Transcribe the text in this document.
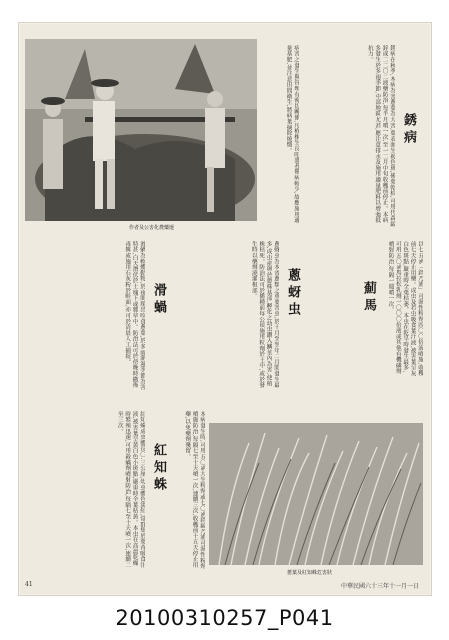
作者及公害化農藥運
銹病
銹病在秋季,木病為害蔥葉為大害,葉表面生褐色斑,後葉乾枯,可用代森錳鋅或二二〇二液藥防治,每半月噴一次,至一二月中旬收穫前停止。本病多發生於多雨季節,中部地區尤甚,應注意排水及施用適量肥料以增強抵抗力。
病害之發生與管理有密切關係,凡植株生長旺盛者罹病較少,故應施用適量基肥,並注意田間衛生,將病葉摘除燒燬。
以七五%「鋅乃浦」可濕性粉劑四〇〇倍液噴施,收穫前七天停止用藥。成虫及若虫吸食葉汁液,被害葉呈灰白色斑點,嚴重時全葉枯萎。本虫在乾旱時發生最多,可用五〇%馬拉松乳劑一〇〇〇倍液或其他有機磷劑噴射防治,每隔一週噴一次。
薊馬
蔥蚜虫
蔥蚜虫為本省蔥類之重要害虫,於十月至翌年二月間發生最多,成虫產卵於蔥株基部,孵化之幼虫鑽入鱗莖內為害,使植株枯死。防治法可於播種前每公頃施用粒劑於土中,或於發生時以藥劑澆灌根部。
滑蝸
滑蝸為軟體動物,於夜間爬出咬食蔥葉,於多雨潮濕季節為害特甚,白天潛伏於土塊下或雜草中。防治法可於傍晚時撒佈毒餌或施用石灰粉於畦面,亦可於清晨人工捕捉。
蔥葉及紅知蛛危害狀
本病發生時,可用五〇%大生粉劑或七〇%鋅錳乃浦可濕性粉劑噴施防治,每隔七至十天噴一次,連續三次,收穫前十五天停止用藥,以免藥劑殘留。
紅知蛛
紅知蛛成虫體長〇.三公厘,幼虫體色淡紅,常群集於葉背吸食汁液,被害葉呈黃白色小斑點,嚴重時全葉枯黃。本虫在高溫乾燥時繁殖迅速,可用殺蟎劑噴射防治,每隔七至十天噴一次,連續二至三次。
41	中華民國六十三年十一月一日
20100310257_P041
